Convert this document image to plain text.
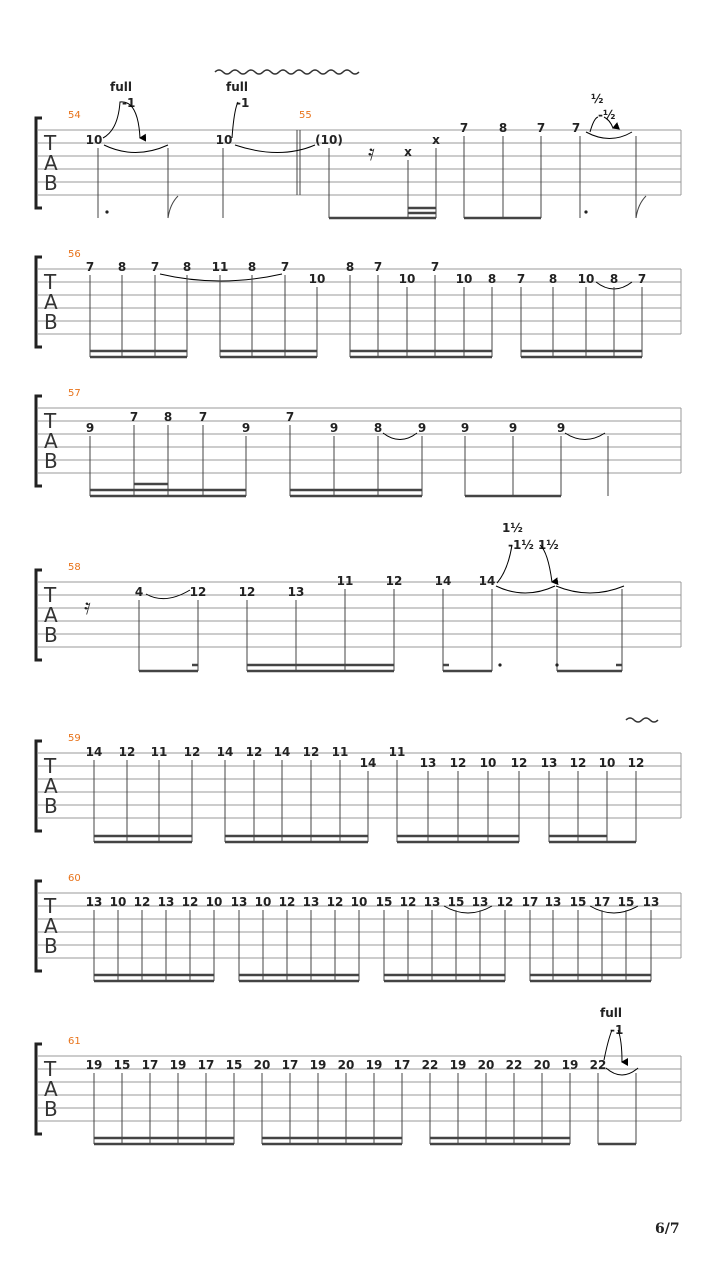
T
A
B
54	55
full
-1
full
-1	½
-½
10	10	(10)
x
x
7	8 7 7
𝄿
T
A
B
56
7 8 7 8 11 8 7
10
8 7
10
7
10 8 7 8 10 8 7
T
A
B
57
9
7 8 7
9
7
9	8	9	9	9	9
T
A
B
58
𝄿
1½
-1½ 1½
4	12	12	13
11	12	14 14
T
A
B
59
14 12 11 12 14 12 14 12 11
14
11
13 12 10 12 13 12 10 12
T
A
B
60
13 10 12 13 12 10 13 10 12 13 12 10 15 12 13 15 13 12 17 13 15 17 15 13
T
A
B
61
full
-1
19 15 17 19 17 15 20 17 19 20 19 17 22 19 20 22 20 19 22
6/7
